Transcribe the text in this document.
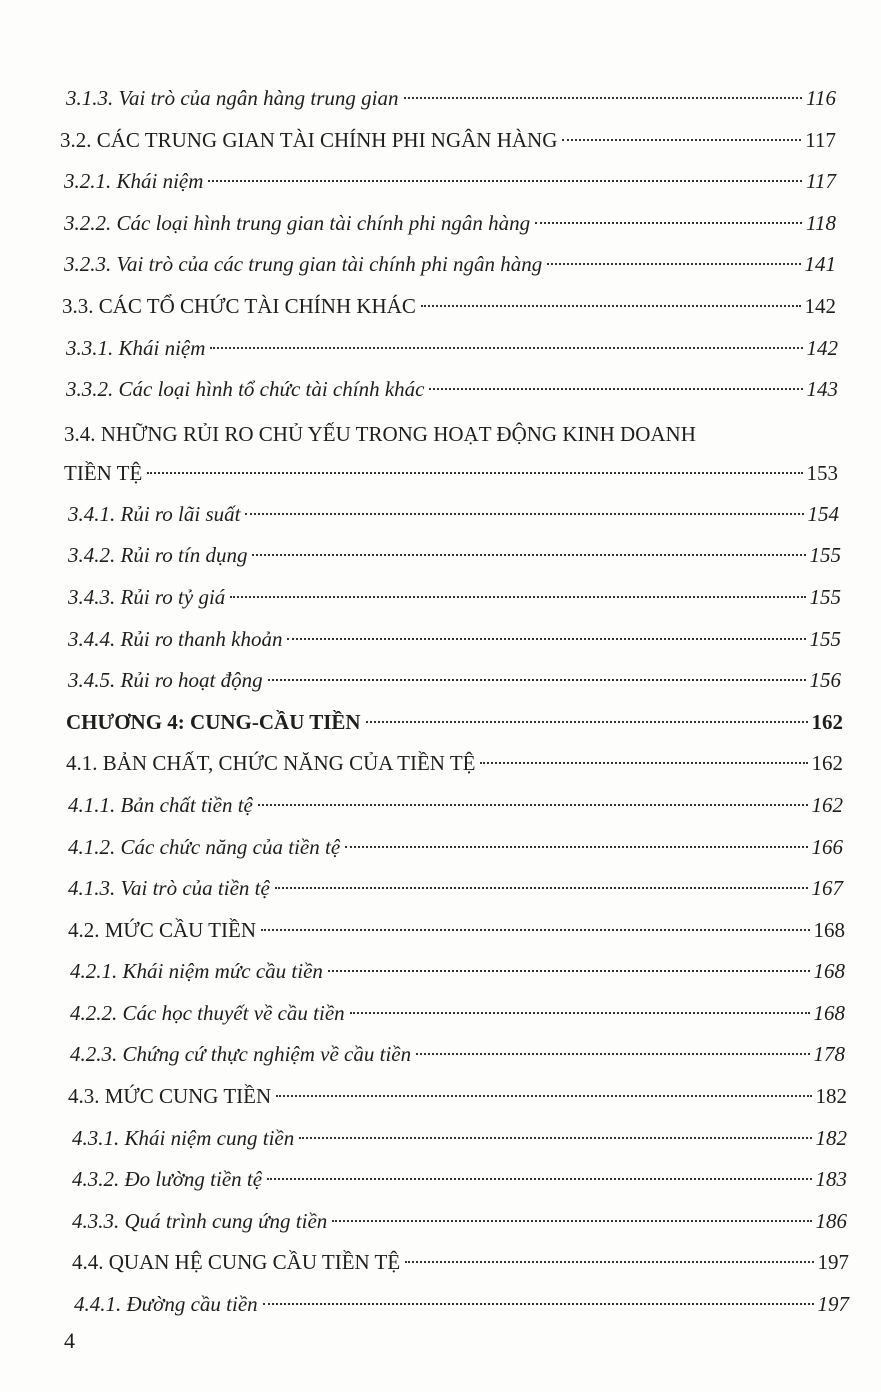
3.1.3. Vai trò của ngân hàng trung gian	116
3.2. CÁC TRUNG GIAN TÀI CHÍNH PHI NGÂN HÀNG	117
3.2.1. Khái niệm	117
3.2.2. Các loại hình trung gian tài chính phi ngân hàng	118
3.2.3. Vai trò của các trung gian tài chính phi ngân hàng	141
3.3. CÁC TỔ CHỨC TÀI CHÍNH KHÁC	142
3.3.1. Khái niệm	142
3.3.2. Các loại hình tổ chức tài chính khác	143
3.4. NHỮNG RỦI RO CHỦ YẾU TRONG HOẠT ĐỘNG KINH DOANH
TIỀN TỆ	153
3.4.1. Rủi ro lãi suất	154
3.4.2. Rủi ro tín dụng	155
3.4.3. Rủi ro tỷ giá	155
3.4.4. Rủi ro thanh khoản	155
3.4.5. Rủi ro hoạt động	156
CHƯƠNG 4: CUNG-CẦU TIỀN	162
4.1. BẢN CHẤT, CHỨC NĂNG CỦA TIỀN TỆ	162
4.1.1. Bản chất tiền tệ	162
4.1.2. Các chức năng của tiền tệ	166
4.1.3. Vai trò của tiền tệ	167
4.2. MỨC CẦU TIỀN	168
4.2.1. Khái niệm mức cầu tiền	168
4.2.2. Các học thuyết về cầu tiền	168
4.2.3. Chứng cứ thực nghiệm về cầu tiền	178
4.3. MỨC CUNG TIỀN	182
4.3.1. Khái niệm cung tiền	182
4.3.2. Đo lường tiền tệ	183
4.3.3. Quá trình cung ứng tiền	186
4.4. QUAN HỆ CUNG CẦU TIỀN TỆ	197
4.4.1. Đường cầu tiền	197
4
